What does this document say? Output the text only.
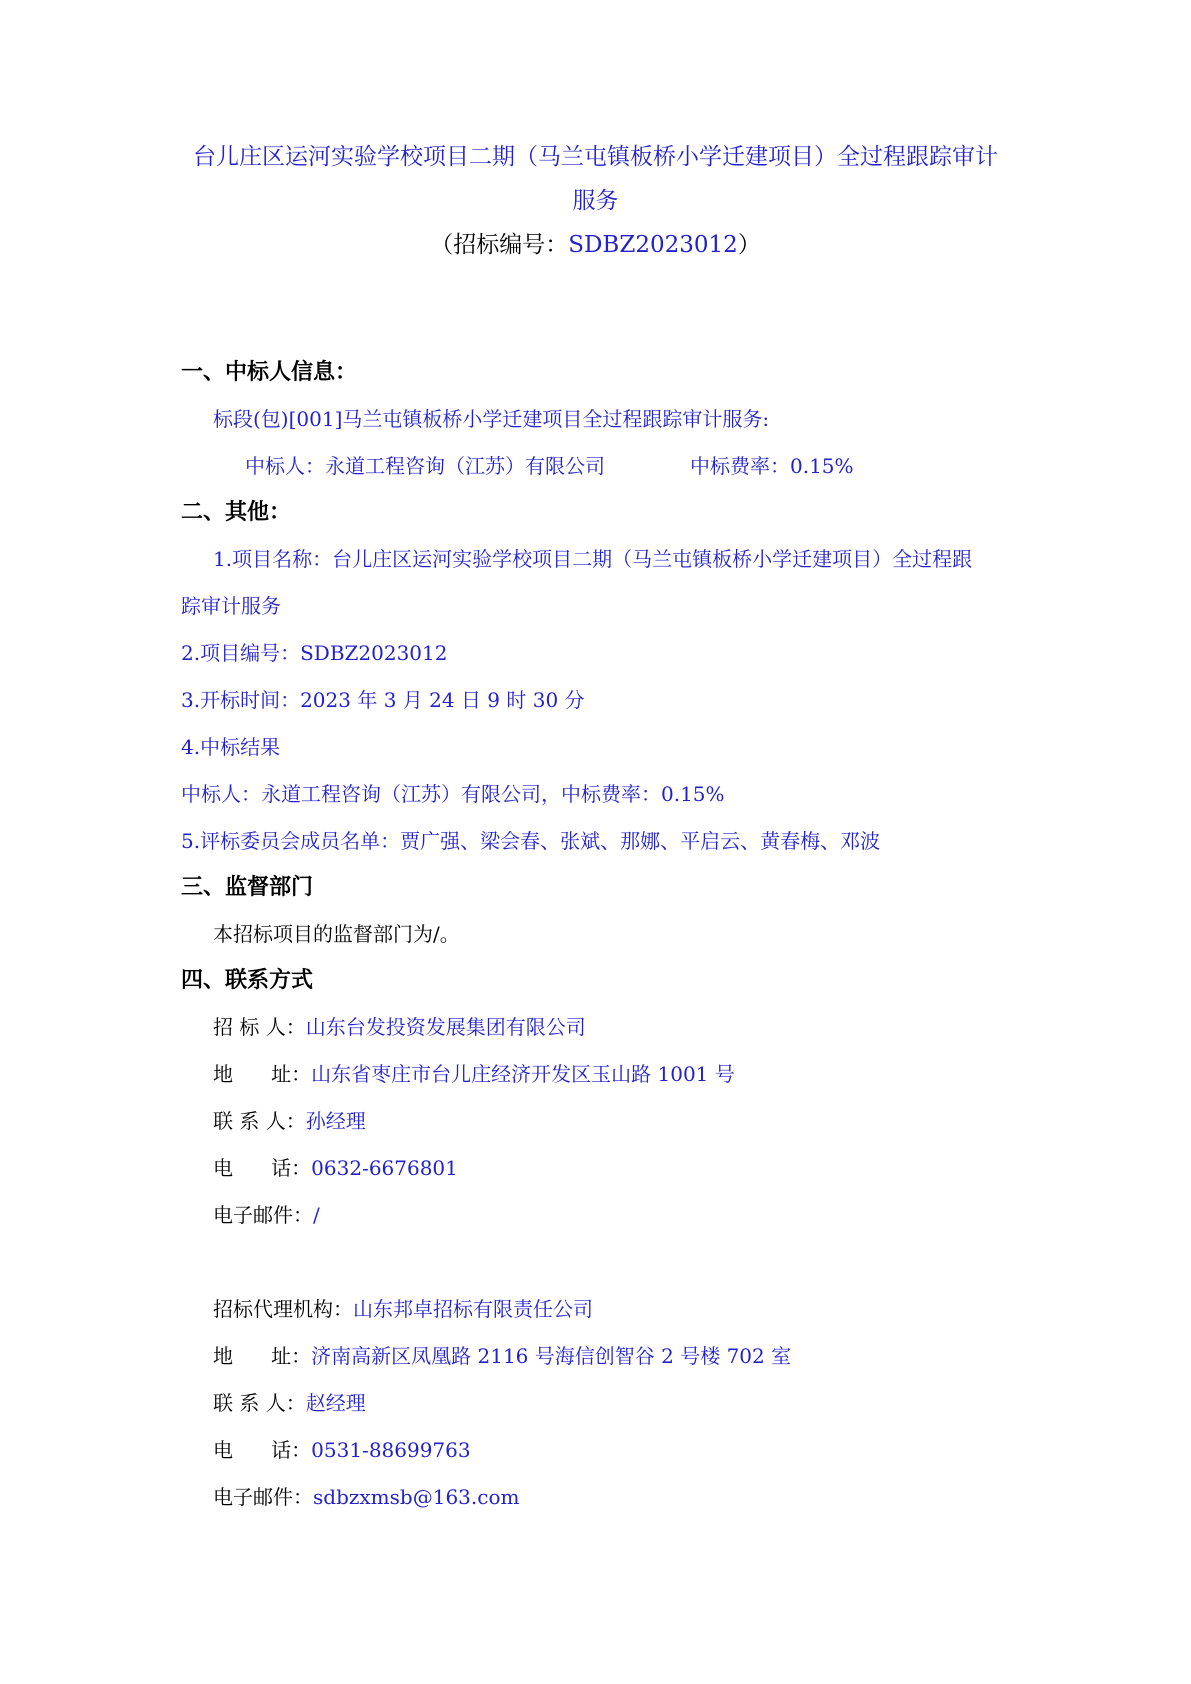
台儿庄区运河实验学校项目二期（马兰屯镇板桥小学迁建项目）全过程跟踪审计
服务
（招标编号：SDBZ2023012）
一、中标人信息：
标段(包)[001]马兰屯镇板桥小学迁建项目全过程跟踪审计服务:
中标人：永道工程咨询（江苏）有限公司	中标费率：0.15%
二、其他：
1.项目名称：台儿庄区运河实验学校项目二期（马兰屯镇板桥小学迁建项目）全过程跟
踪审计服务
2.项目编号：SDBZ2023012
3.开标时间：2023 年 3 月 24 日 9 时 30 分
4.中标结果
中标人：永道工程咨询（江苏）有限公司，中标费率：0.15%
5.评标委员会成员名单：贾广强、梁会春、张斌、那娜、平启云、黄春梅、邓波
三、监督部门
本招标项目的监督部门为/。
四、联系方式
招 标 人：山东台发投资发展集团有限公司
地      址：山东省枣庄市台儿庄经济开发区玉山路 1001 号
联 系 人：孙经理
电      话：0632-6676801
电子邮件：/
招标代理机构：山东邦卓招标有限责任公司
地      址：济南高新区凤凰路 2116 号海信创智谷 2 号楼 702 室
联 系 人：赵经理
电      话：0531-88699763
电子邮件：sdbzxmsb@163.com
